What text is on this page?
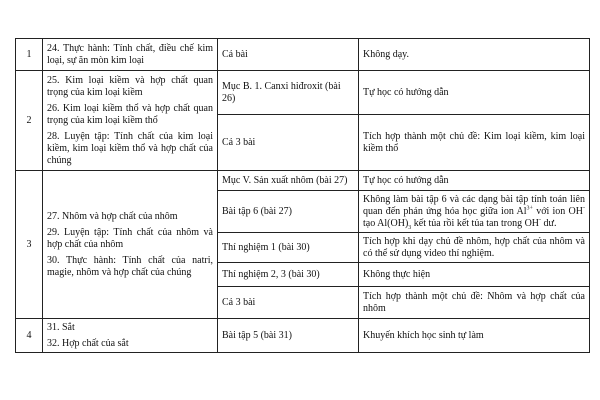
1	24. Thực hành: Tính chất, điều chế kim loại, sự ăn mòn kim loại	Cả bài	Không dạy.
2	25. Kim loại kiềm và hợp chất quan trọng của kim loại kiềm

26. Kim loại kiềm thổ và hợp chất quan trọng của kim loại kiềm thổ

28. Luyện tập: Tính chất của kim loại kiềm, kim loại kiềm thổ và hợp chất của chúng	Mục B. 1. Canxi hiđroxit (bài 26)	Tự học có hướng dẫn
		Cả 3 bài	Tích hợp thành một chủ đề: Kim loại kiềm, kim loại kiềm thổ
3	27. Nhôm và hợp chất của nhôm

29. Luyện tập: Tính chất của nhôm và hợp chất của nhôm

30. Thực hành: Tính chất của natri, magie, nhôm và hợp chất của chúng	Mục V. Sản xuất nhôm (bài 27)	Tự học có hướng dẫn
		Bài tập 6 (bài 27)	Không làm bài tập 6 và các dạng bài tập tính toán liên quan đến phản ứng hóa học giữa ion $Al^{3+}$ với ion OH- tạo $Al(OH)_3$ kết tủa rồi kết tủa tan trong OH- dư.
		Thí nghiệm 1 (bài 30)	Tích hợp khi dạy chủ đề nhôm, hợp chất của nhôm và có thể sử dụng video thí nghiệm.
		Thí nghiệm 2, 3 (bài 30)	Không thực hiện
		Cả 3 bài	Tích hợp thành một chủ đề: Nhôm và hợp chất của nhôm
4	31. Sắt

32. Hợp chất của sắt	Bài tập 5 (bài 31)	Khuyến khích học sinh tự làm
